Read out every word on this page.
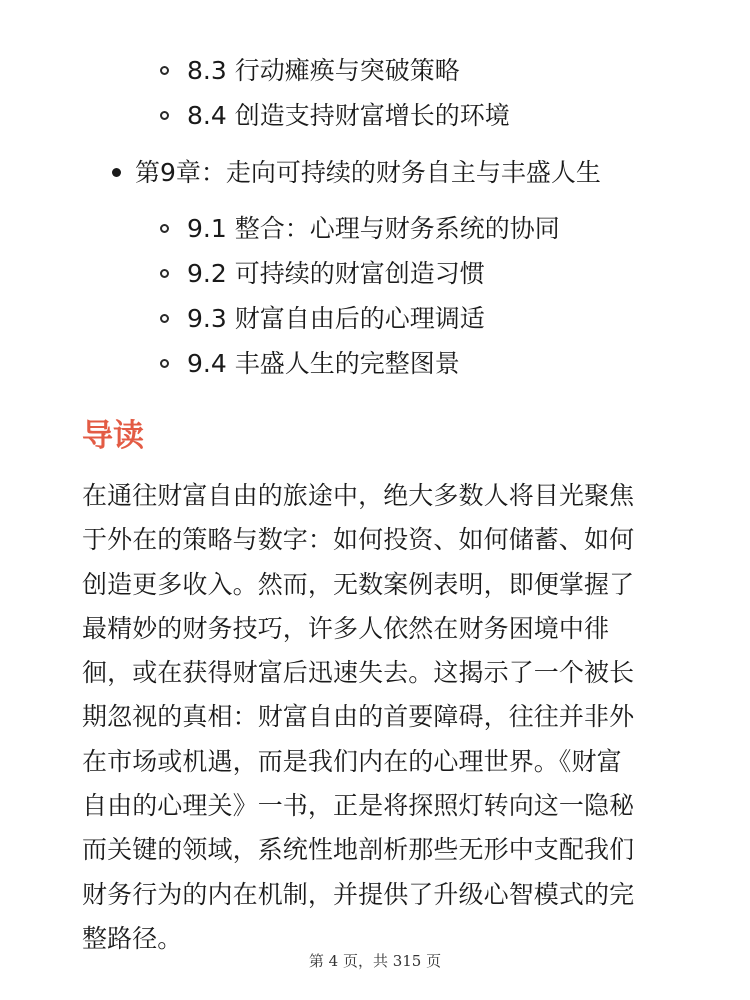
8.3 行动瘫痪与突破策略
8.4 创造支持财富增长的环境
第9章：走向可持续的财务自主与丰盛人生
9.1 整合：心理与财务系统的协同
9.2 可持续的财富创造习惯
9.3 财富自由后的心理调适
9.4 丰盛人生的完整图景
导读

在通往财富自由的旅途中，绝大多数人将目光聚焦
于外在的策略与数字：如何投资、如何储蓄、如何
创造更多收入。然而，无数案例表明，即便掌握了
最精妙的财务技巧，许多人依然在财务困境中徘
徊，或在获得财富后迅速失去。这揭示了一个被长
期忽视的真相：财富自由的首要障碍，往往并非外
在市场或机遇，而是我们内在的心理世界。《财富
自由的心理关》一书，正是将探照灯转向这一隐秘
而关键的领域，系统性地剖析那些无形中支配我们
财务行为的内在机制，并提供了升级心智模式的完
整路径。

第 4 页，共 315 页
